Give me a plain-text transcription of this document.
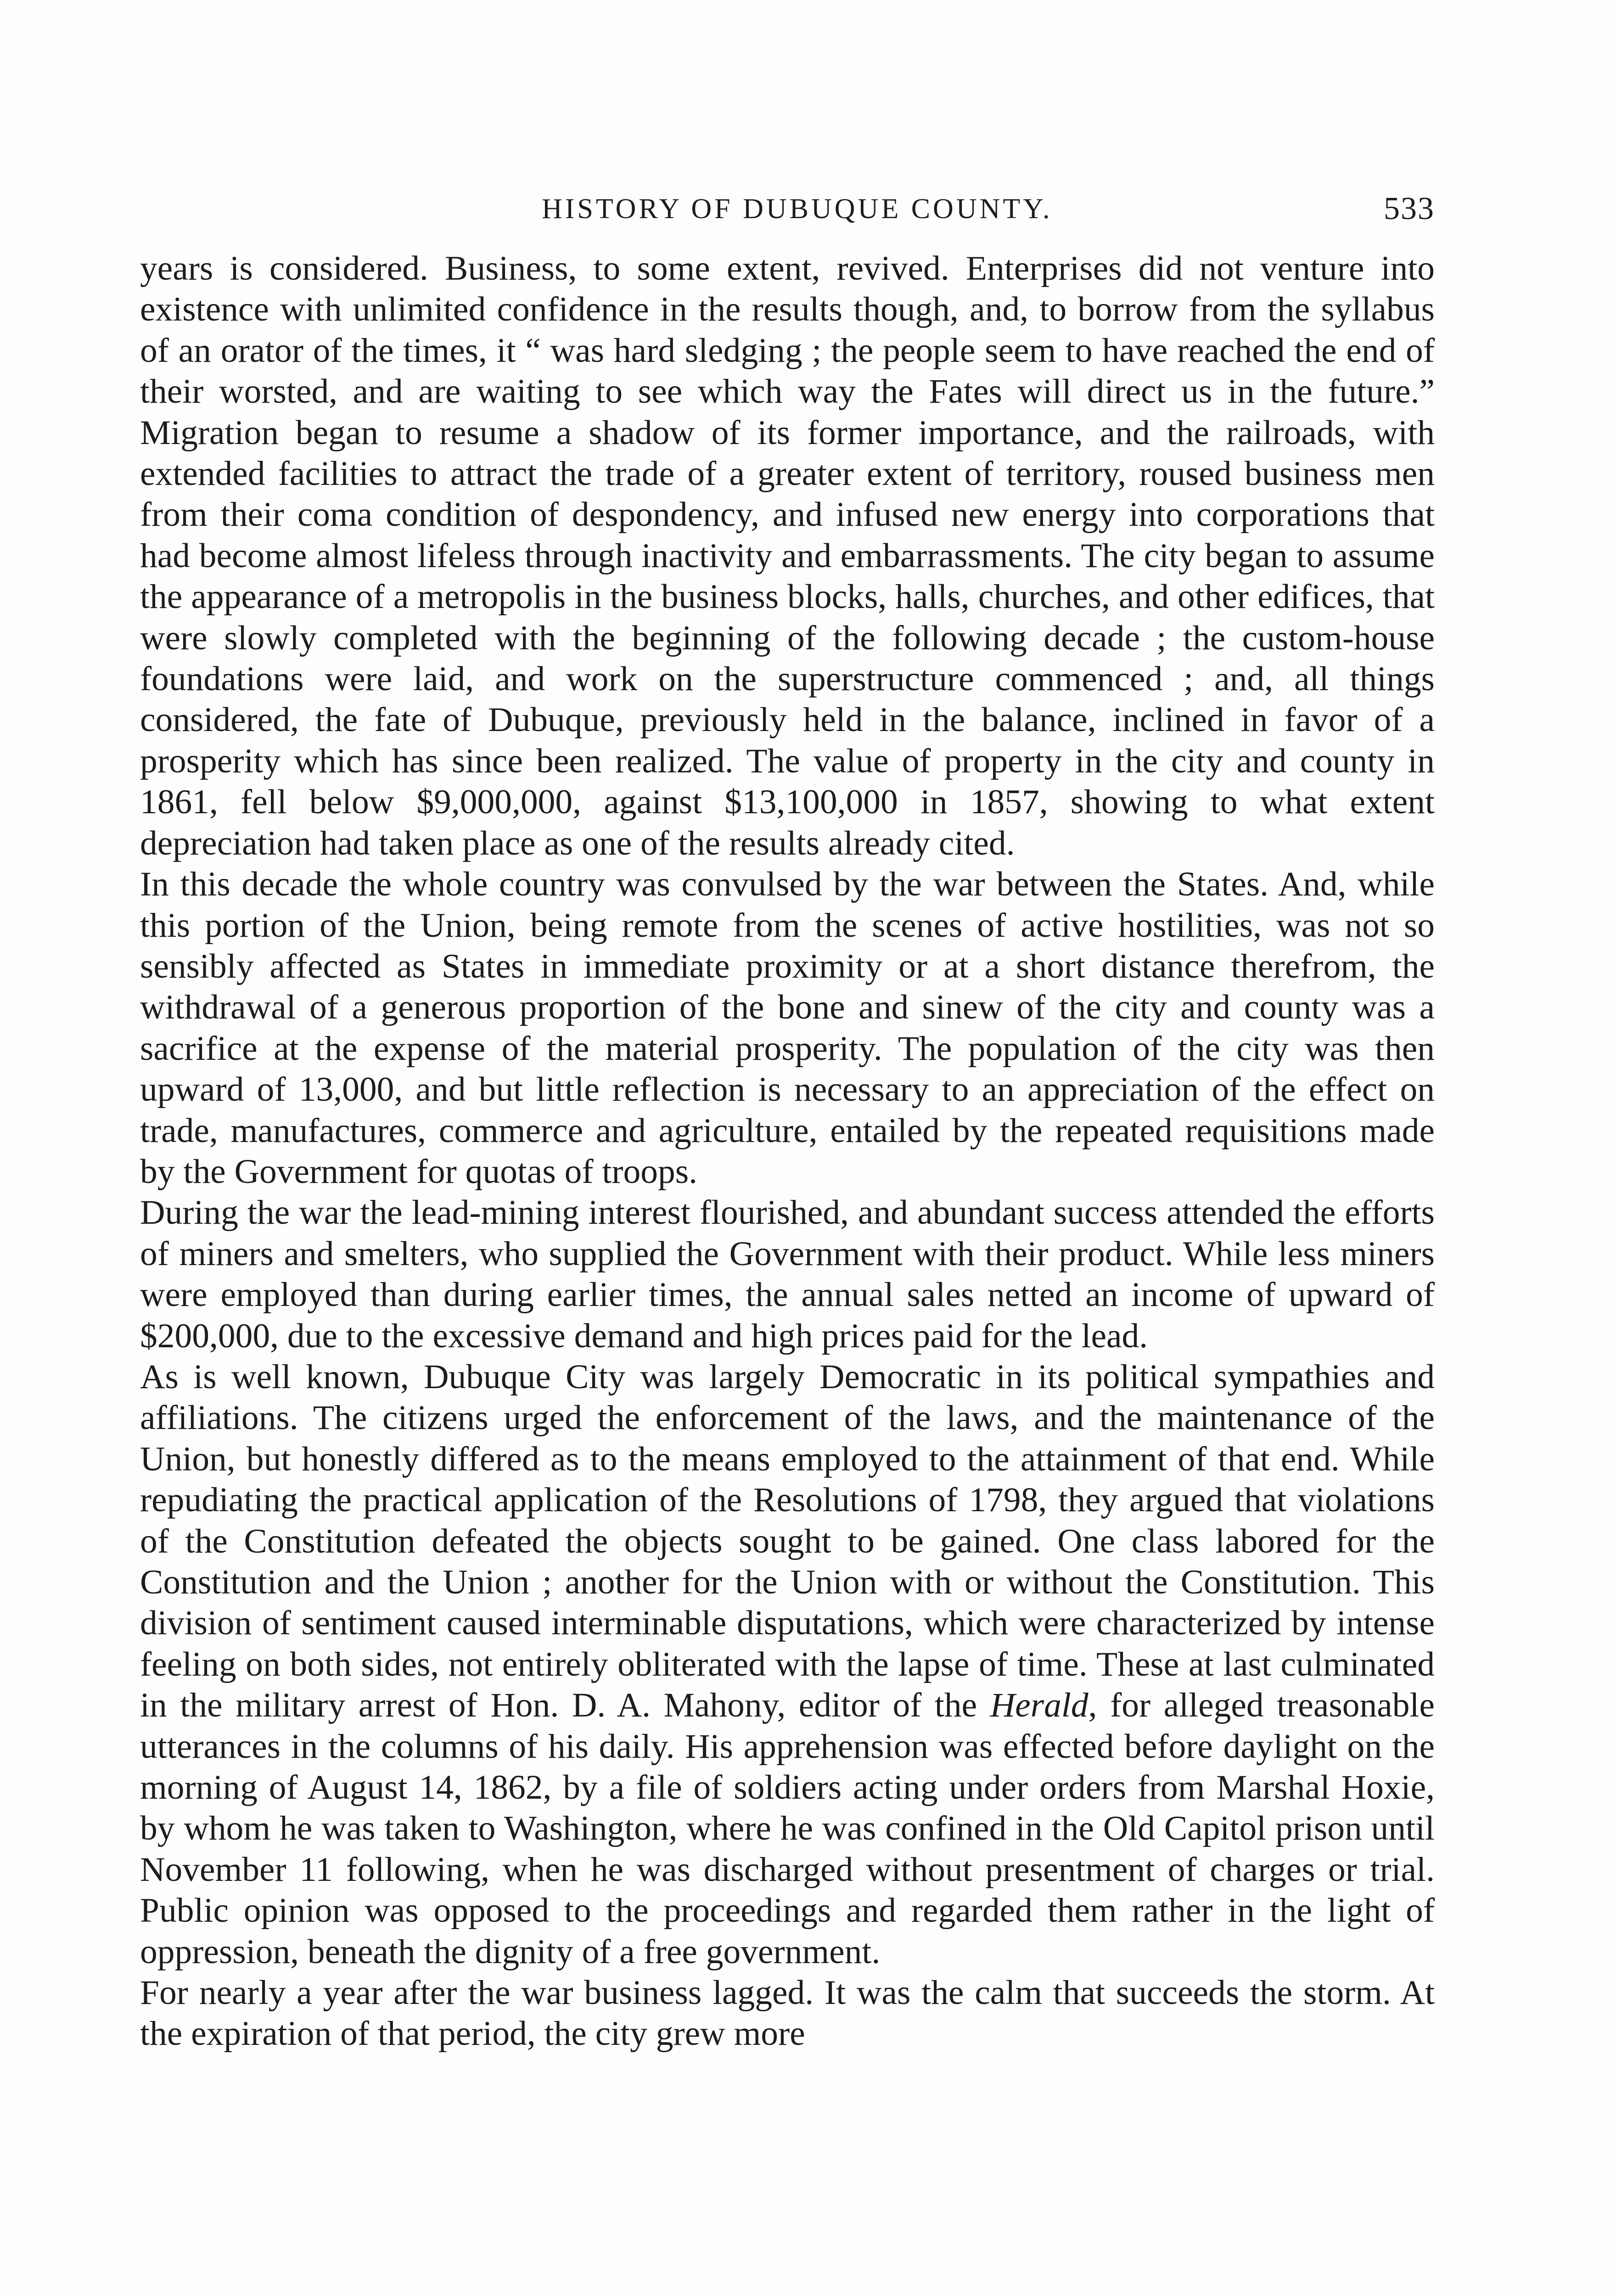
HISTORY OF DUBUQUE COUNTY.	533

years is considered. Business, to some extent, revived. Enterprises did not venture into existence with unlimited confidence in the results though, and, to borrow from the syllabus of an orator of the times, it “ was hard sledging ; the people seem to have reached the end of their worsted, and are waiting to see which way the Fates will direct us in the future.” Migration began to resume a shadow of its former importance, and the railroads, with extended facilities to attract the trade of a greater extent of territory, roused business men from their coma condition of despondency, and infused new energy into corporations that had become almost lifeless through inactivity and embarrassments. The city began to assume the appearance of a metropolis in the business blocks, halls, churches, and other edifices, that were slowly completed with the beginning of the following decade ; the custom-house foundations were laid, and work on the superstructure commenced ; and, all things considered, the fate of Dubuque, previously held in the balance, inclined in favor of a prosperity which has since been realized. The value of property in the city and county in 1861, fell below $9,000,000, against $13,100,000 in 1857, showing to what extent depreciation had taken place as one of the results already cited.

In this decade the whole country was convulsed by the war between the States. And, while this portion of the Union, being remote from the scenes of active hostilities, was not so sensibly affected as States in immediate proximity or at a short distance therefrom, the withdrawal of a generous proportion of the bone and sinew of the city and county was a sacrifice at the expense of the material prosperity. The population of the city was then upward of 13,000, and but little reflection is necessary to an appreciation of the effect on trade, manufactures, commerce and agriculture, entailed by the repeated requisitions made by the Government for quotas of troops.

During the war the lead-mining interest flourished, and abundant success attended the efforts of miners and smelters, who supplied the Government with their product. While less miners were employed than during earlier times, the annual sales netted an income of upward of $200,000, due to the excessive demand and high prices paid for the lead.

As is well known, Dubuque City was largely Democratic in its political sympathies and affiliations. The citizens urged the enforcement of the laws, and the maintenance of the Union, but honestly differed as to the means employed to the attainment of that end. While repudiating the practical application of the Resolutions of 1798, they argued that violations of the Constitution defeated the objects sought to be gained. One class labored for the Constitution and the Union ; another for the Union with or without the Constitution. This division of sentiment caused interminable disputations, which were characterized by intense feeling on both sides, not entirely obliterated with the lapse of time. These at last culminated in the military arrest of Hon. D. A. Mahony, editor of the Herald, for alleged treasonable utterances in the columns of his daily. His apprehension was effected before daylight on the morning of August 14, 1862, by a file of soldiers acting under orders from Marshal Hoxie, by whom he was taken to Washington, where he was confined in the Old Capitol prison until November 11 following, when he was discharged without presentment of charges or trial. Public opinion was opposed to the proceedings and regarded them rather in the light of oppression, beneath the dignity of a free government.

For nearly a year after the war business lagged. It was the calm that succeeds the storm. At the expiration of that period, the city grew more
